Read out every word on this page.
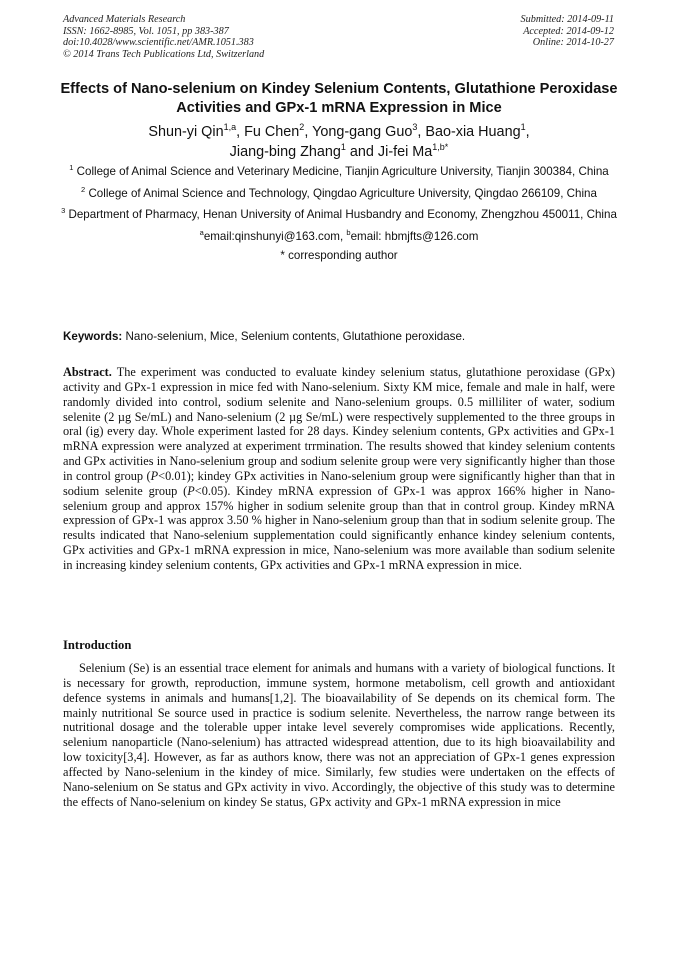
Advanced Materials Research
ISSN: 1662-8985, Vol. 1051, pp 383-387
doi:10.4028/www.scientific.net/AMR.1051.383
© 2014 Trans Tech Publications Ltd, Switzerland
Submitted: 2014-09-11
Accepted: 2014-09-12
Online: 2014-10-27
Effects of Nano-selenium on Kindey Selenium Contents, Glutathione Peroxidase Activities and GPx-1 mRNA Expression in Mice
Shun-yi Qin$^{1,a}$, Fu Chen$^2$, Yong-gang Guo$^3$, Bao-xia Huang$^1$,
Jiang-bing Zhang$^1$ and Ji-fei $Ma^{1,b*}$
$^1$ College of Animal Science and Veterinary Medicine, Tianjin Agriculture University, Tianjin 300384, China
$^2$ College of Animal Science and Technology, Qingdao Agriculture University, Qingdao 266109, China
$^3$ Department of Pharmacy, Henan University of Animal Husbandry and Economy, Zhengzhou 450011, China
$^a$email:qinshunyi@163.com, $^b$email: hbmjfts@126.com
* corresponding author
Keywords: Nano-selenium, Mice, Selenium contents, Glutathione peroxidase.
Abstract. The experiment was conducted to evaluate kindey selenium status, glutathione peroxidase (GPx) activity and GPx-1 expression in mice fed with Nano-selenium. Sixty KM mice, female and male in half, were randomly divided into control, sodium selenite and Nano-selenium groups. 0.5 milliliter of water, sodium selenite (2 µg Se/mL) and Nano-selenium (2 µg Se/mL) were respectively supplemented to the three groups in oral (ig) every day. Whole experiment lasted for 28 days. Kindey selenium contents, GPx activities and GPx-1 mRNA expression were analyzed at experiment trrmination. The results showed that kindey selenium contents and GPx activities in Nano-selenium group and sodium selenite group were very significantly higher than those in control group (P<0.01); kindey GPx activities in Nano-selenium group were significantly higher than that in sodium selenite group (P<0.05). Kindey mRNA expression of GPx-1 was approx 166% higher in Nano-selenium group and approx 157% higher in sodium selenite group than that in control group. Kindey mRNA expression of GPx-1 was approx 3.50 % higher in Nano-selenium group than that in sodium selenite group. The results indicated that Nano-selenium supplementation could significantly enhance kindey selenium contents, GPx activities and GPx-1 mRNA expression in mice, Nano-selenium was more available than sodium selenite in increasing kindey selenium contents, GPx activities and GPx-1 mRNA expression in mice.
Introduction
Selenium (Se) is an essential trace element for animals and humans with a variety of biological functions. It is necessary for growth, reproduction, immune system, hormone metabolism, cell growth and antioxidant defence systems in animals and humans[1,2]. The bioavailability of Se depends on its chemical form. The mainly nutritional Se source used in practice is sodium selenite. Nevertheless, the narrow range between its nutritional dosage and the tolerable upper intake level severely compromises wide applications. Recently, selenium nanoparticle (Nano-selenium) has attracted widespread attention, due to its high bioavailability and low toxicity[3,4]. However, as far as authors know, there was not an appreciation of GPx-1 genes expression affected by Nano-selenium in the kindey of mice. Similarly, few studies were undertaken on the effects of Nano-selenium on Se status and GPx activity in vivo. Accordingly, the objective of this study was to determine the effects of Nano-selenium on kindey Se status, GPx activity and GPx-1 mRNA expression in mice
